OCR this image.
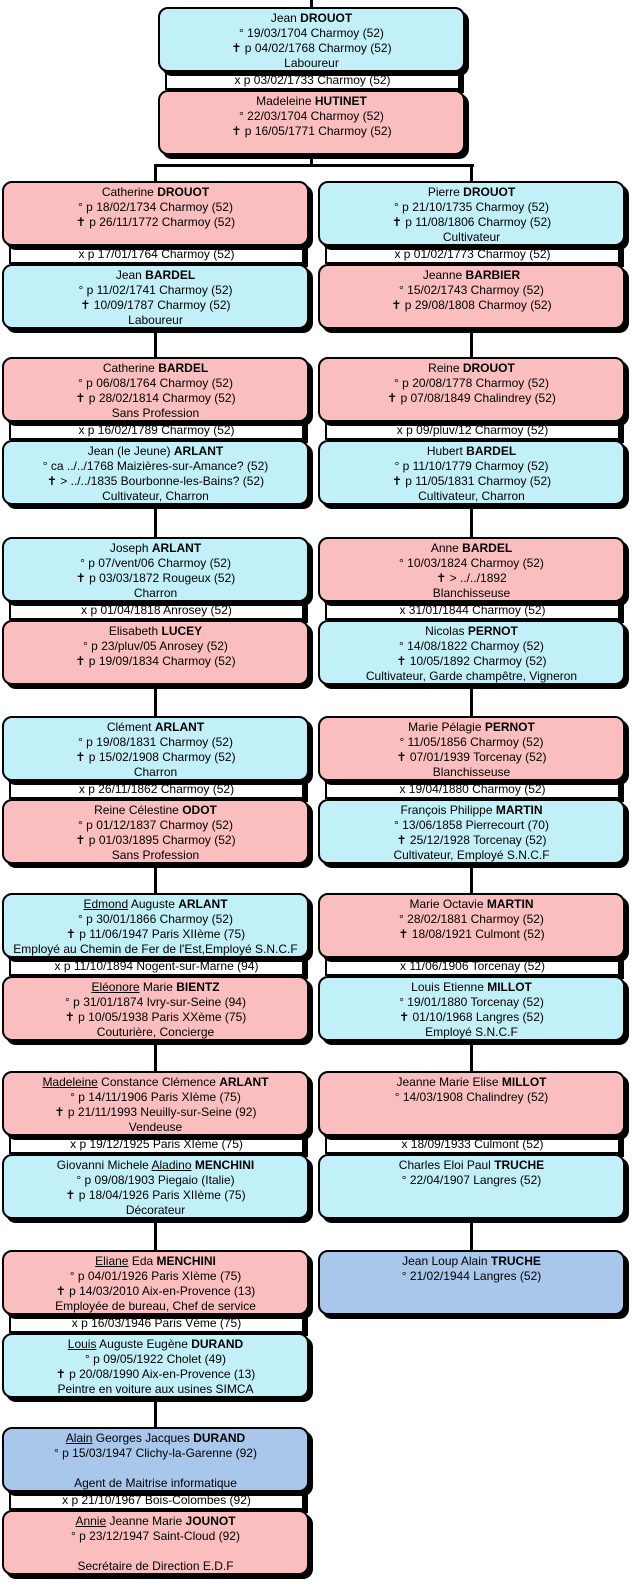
Jean DROUOT
° 19/03/1704 Charmoy (52)
✝ p 04/02/1768 Charmoy (52)
Laboureur
x p 03/02/1733 Charmoy (52)
Madeleine HUTINET
° 22/03/1704 Charmoy (52)
✝ p 16/05/1771 Charmoy (52)
Catherine DROUOT
° p 18/02/1734 Charmoy (52)
✝ p 26/11/1772 Charmoy (52)
x p 17/01/1764 Charmoy (52)
Jean BARDEL
° p 11/02/1741 Charmoy (52)
✝ 10/09/1787 Charmoy (52)
Laboureur
Pierre DROUOT
° p 21/10/1735 Charmoy (52)
✝ p 11/08/1806 Charmoy (52)
Cultivateur
x p 01/02/1773 Charmoy (52)
Jeanne BARBIER
° 15/02/1743 Charmoy (52)
✝ p 29/08/1808 Charmoy (52)
Catherine BARDEL
° p 06/08/1764 Charmoy (52)
✝ p 28/02/1814 Charmoy (52)
Sans Profession
x p 16/02/1789 Charmoy (52)
Jean (le Jeune) ARLANT
° ca ../../1768 Maizières-sur-Amance? (52)
✝ > ../../1835 Bourbonne-les-Bains? (52)
Cultivateur, Charron
Reine DROUOT
° p 20/08/1778 Charmoy (52)
✝ p 07/08/1849 Chalindrey (52)
x p 09/pluv/12 Charmoy (52)
Hubert BARDEL
° p 11/10/1779 Charmoy (52)
✝ p 11/05/1831 Charmoy (52)
Cultivateur, Charron
Joseph ARLANT
° p 07/vent/06 Charmoy (52)
✝ p 03/03/1872 Rougeux (52)
Charron
x p 01/04/1818 Anrosey (52)
Elisabeth LUCEY
° p 23/pluv/05 Anrosey (52)
✝ p 19/09/1834 Charmoy (52)
Anne BARDEL
° 10/03/1824 Charmoy (52)
✝ > ../../1892
Blanchisseuse
x 31/01/1844 Charmoy (52)
Nicolas PERNOT
° 14/08/1822 Charmoy (52)
✝ 10/05/1892 Charmoy (52)
Cultivateur, Garde champêtre, Vigneron
Clément ARLANT
° p 19/08/1831 Charmoy (52)
✝ p 15/02/1908 Charmoy (52)
Charron
x p 26/11/1862 Charmoy (52)
Reine Célestine ODOT
° p 01/12/1837 Charmoy (52)
✝ p 01/03/1895 Charmoy (52)
Sans Profession
Marie Pélagie PERNOT
° 11/05/1856 Charmoy (52)
✝ 07/01/1939 Torcenay (52)
Blanchisseuse
x 19/04/1880 Charmoy (52)
François Philippe MARTIN
° 13/06/1858 Pierrecourt (70)
✝ 25/12/1928 Torcenay (52)
Cultivateur, Employé S.N.C.F
Edmond Auguste ARLANT
° p 30/01/1866 Charmoy (52)
✝ p 11/06/1947 Paris XIIème (75)
Employé au Chemin de Fer de l'Est,Employé S.N.C.F
x p 11/10/1894 Nogent-sur-Marne (94)
Eléonore Marie BIENTZ
° p 31/01/1874 Ivry-sur-Seine (94)
✝ p 10/05/1938 Paris XXème (75)
Couturière, Concierge
Marie Octavie MARTIN
° 28/02/1881 Charmoy (52)
✝ 18/08/1921 Culmont (52)
x 11/06/1906 Torcenay (52)
Louis Etienne MILLOT
° 19/01/1880 Torcenay (52)
✝ 01/10/1968 Langres (52)
Employé S.N.C.F
Madeleine Constance Clémence ARLANT
° p 14/11/1906 Paris XIème (75)
✝ p 21/11/1993 Neuilly-sur-Seine (92)
Vendeuse
x p 19/12/1925 Paris XIème (75)
Giovanni Michele Aladino MENCHINI
° p 09/08/1903 Piegaio (Italie)
✝ p 18/04/1926 Paris XIIème (75)
Décorateur
Jeanne Marie Elise MILLOT
° 14/03/1908 Chalindrey (52)
x 18/09/1933 Culmont (52)
Charles Eloi Paul TRUCHE
° 22/04/1907 Langres (52)
Eliane Eda MENCHINI
° p 04/01/1926 Paris XIème (75)
✝ p 14/03/2010 Aix-en-Provence (13)
Employée de bureau, Chef de service
x p 16/03/1946 Paris Vème (75)
Louis Auguste Eugène DURAND
° p 09/05/1922 Cholet (49)
✝ p 20/08/1990 Aix-en-Provence (13)
Peintre en voiture aux usines SIMCA
Jean Loup Alain TRUCHE
° 21/02/1944 Langres (52)
Alain Georges Jacques DURAND
° p 15/03/1947 Clichy-la-Garenne (92)
Agent de Maitrise informatique
x p 21/10/1967 Bois-Colombes (92)
Annie Jeanne Marie JOUNOT
° p 23/12/1947 Saint-Cloud (92)
Secrétaire de Direction E.D.F
